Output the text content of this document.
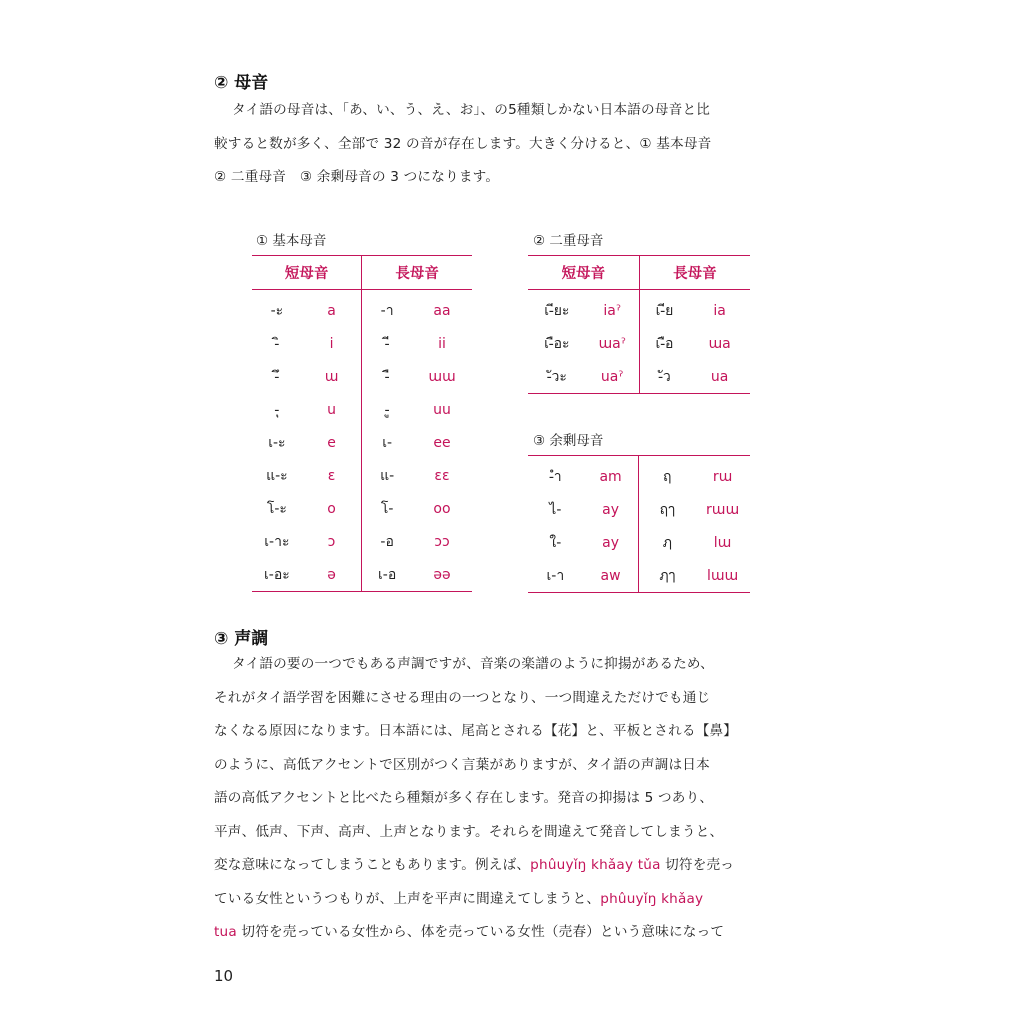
② 母音
タイ語の母音は、「あ、い、う、え、お」、の5種類しかない日本語の母音と比
較すると数が多く、全部で 32 の音が存在します。大きく分けると、① 基本母音
② 二重母音　③ 余剰母音の 3 つになります。
① 基本母音
短母音		長母音	
-ะ	a	-า	aa
-ิ	i	-ี	ii
-ึ	ɯ	-ื	ɯɯ
-ุ	u	-ู	uu
เ-ะ	e	เ-	ee
แ-ะ	ɛ	แ-	ɛɛ
โ-ะ	o	โ-	oo
เ-าะ	ɔ	-อ	ɔɔ
เ-อะ	ə	เ-อ	əə
② 二重母音
短母音		長母音	
เ-ียะ	iaˀ	เ-ีย	ia
เ-ือะ	ɯaˀ	เ-ือ	ɯa
-ัวะ	uaˀ	-ัว	ua
③ 余剰母音
-ำ	am	ฤ	rɯ
ไ-	ay	ฤๅ	rɯɯ
ใ-	ay	ฦ	lɯ
เ-า	aw	ฦๅ	lɯɯ
③ 声調
タイ語の要の一つでもある声調ですが、音楽の楽譜のように抑揚があるため、
それがタイ語学習を困難にさせる理由の一つとなり、一つ間違えただけでも通じ
なくなる原因になります。日本語には、尾高とされる【花】と、平板とされる【鼻】
のように、高低アクセントで区別がつく言葉がありますが、タイ語の声調は日本
語の高低アクセントと比べたら種類が多く存在します。発音の抑揚は 5 つあり、
平声、低声、下声、高声、上声となります。それらを間違えて発音してしまうと、
変な意味になってしまうこともあります。例えば、phûuyǐŋ khǎay tǔa 切符を売っ
ている女性というつもりが、上声を平声に間違えてしまうと、phûuyǐŋ khǎay
tua 切符を売っている女性から、体を売っている女性（売春）という意味になって
10
